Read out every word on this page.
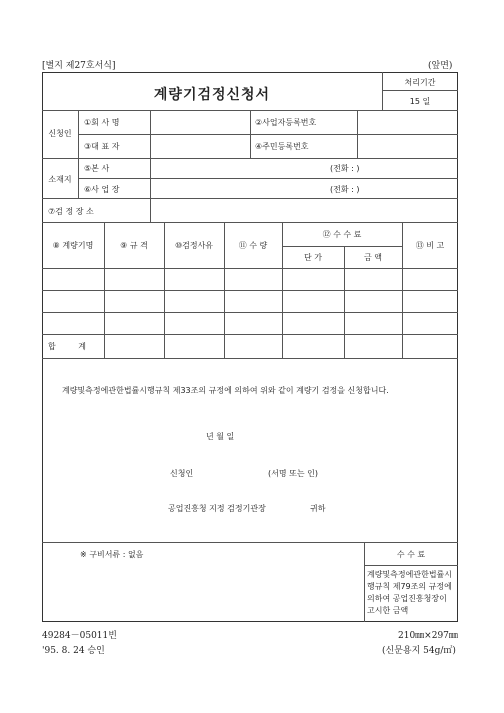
[별지 제27호서식]	(앞면)
계량기검정신청서
처리기간
15 일
신청인
①회 사 명	②사업자등록번호
③대 표 자	④주민등록번호
소재지
⑤본 사	(전화 : )
⑥사 업 장	(전화 : )
⑦검 정 장 소
⑧ 계량기명	⑨ 규 격	⑩검정사유	⑪ 수 량
⑫ 수 수 료
단 가	금 액
⑬ 비 고
합 계
계량및측정에관한법률시행규칙 제33조의 규정에 의하여 위와 같이 계량기 검정을 신청합니다.
년 월 일
신청인	(서명 또는 인)
공업진흥청 지정 검정기관장	귀하
※ 구비서류 : 없음	수 수 료
계량및측정에관한법률시행규칙 제79조의 규정에 의하여 공업진흥청장이 고시한 금액
49284－05011빈
'95. 8. 24 승인
210㎜×297㎜
(신문용지 54g/㎡)
